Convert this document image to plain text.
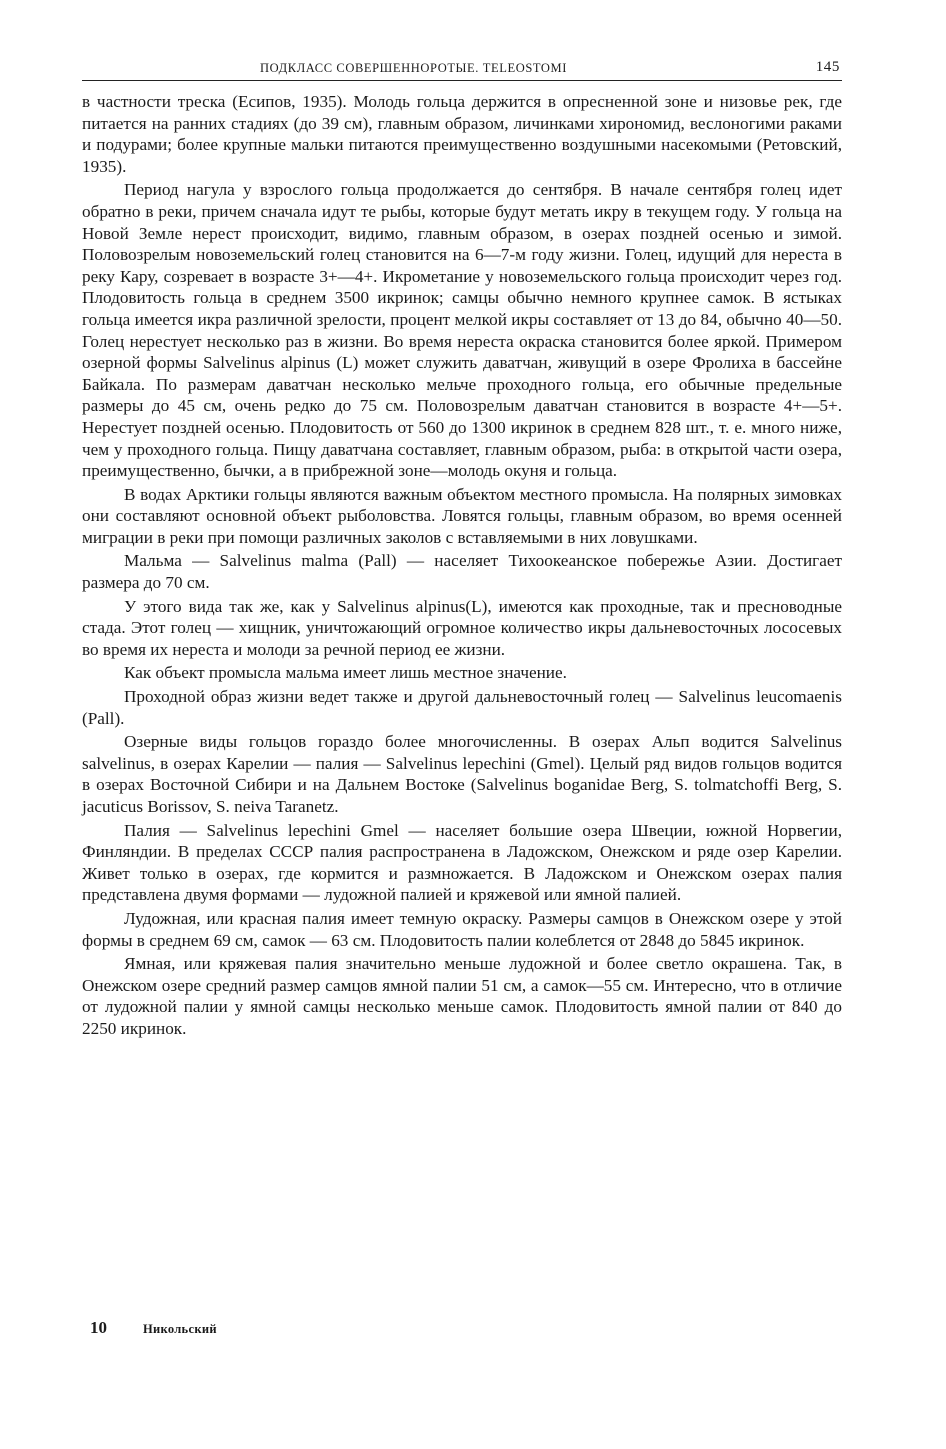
ПОДКЛАСС СОВЕРШЕННОРОТЫЕ. TELEOSTOMI	145

в частности треска (Есипов, 1935). Молодь гольца держится в опресненной зоне и низовье рек, где питается на ранних стадиях (до 39 см), главным образом, личинками хирономид, веслоногими раками и подурами; более крупные мальки питаются преимущественно воздушными насекомыми (Ретовский, 1935).

Период нагула у взрослого гольца продолжается до сентября. В начале сентября голец идет обратно в реки, причем сначала идут те рыбы, которые будут метать икру в текущем году. У гольца на Новой Земле нерест происходит, видимо, главным образом, в озерах поздней осенью и зимой. Половозрелым новоземельский голец становится на 6—7-м году жизни. Голец, идущий для нереста в реку Кару, созревает в возрасте 3+—4+. Икрометание у новоземельского гольца происходит через год. Плодовитость гольца в среднем 3500 икринок; самцы обычно немного крупнее самок. В ястыках гольца имеется икра различной зрелости, процент мелкой икры составляет от 13 до 84, обычно 40—50. Голец нерестует несколько раз в жизни. Во время нереста окраска становится более яркой. Примером озерной формы Salvelinus alpinus (L) может служить даватчан, живущий в озере Фролиха в бассейне Байкала. По размерам даватчан несколько мельче проходного гольца, его обычные предельные размеры до 45 см, очень редко до 75 см. Половозрелым даватчан становится в возрасте 4+—5+. Нерестует поздней осенью. Плодовитость от 560 до 1300 икринок в среднем 828 шт., т. е. много ниже, чем у проходного гольца. Пищу даватчана составляет, главным образом, рыба: в открытой части озера, преимущественно, бычки, а в прибрежной зоне—молодь окуня и гольца.

В водах Арктики гольцы являются важным объектом местного промысла. На полярных зимовках они составляют основной объект рыболовства. Ловятся гольцы, главным образом, во время осенней миграции в реки при помощи различных заколов с вставляемыми в них ловушками.

Мальма — Salvelinus malma (Pall) — населяет Тихоокеанское побережье Азии. Достигает размера до 70 см.

У этого вида так же, как у Salvelinus alpinus(L), имеются как проходные, так и пресноводные стада. Этот голец — хищник, уничтожающий огромное количество икры дальневосточных лососевых во время их нереста и молоди за речной период ее жизни.

Как объект промысла мальма имеет лишь местное значение.

Проходной образ жизни ведет также и другой дальневосточный голец — Salvelinus leucomaenis (Pall).

Озерные виды гольцов гораздо более многочисленны. В озерах Альп водится Salvelinus salvelinus, в озерах Карелии — палия — Salvelinus lepechini (Gmel). Целый ряд видов гольцов водится в озерах Восточной Сибири и на Дальнем Востоке (Salvelinus boganidae Berg, S. tolmatchoffi Berg, S. jacuticus Borissov, S. neiva Taranetz.

Палия — Salvelinus lepechini Gmel — населяет большие озера Швеции, южной Норвегии, Финляндии. В пределах СССР палия распространена в Ладожском, Онежском и ряде озер Карелии. Живет только в озерах, где кормится и размножается. В Ладожском и Онежском озерах палия представлена двумя формами — лудожной палией и кряжевой или ямной палией.

Лудожная, или красная палия имеет темную окраску. Размеры самцов в Онежском озере у этой формы в среднем 69 см, самок — 63 см. Плодовитость палии колеблется от 2848 до 5845 икринок.

Ямная, или кряжевая палия значительно меньше лудожной и более светло окрашена. Так, в Онежском озере средний размер самцов ямной палии 51 см, а самок—55 см. Интересно, что в отличие от лудожной палии у ямной самцы несколько меньше самок. Плодовитость ямной палии от 840 до 2250 икринок.

10	Никольский
